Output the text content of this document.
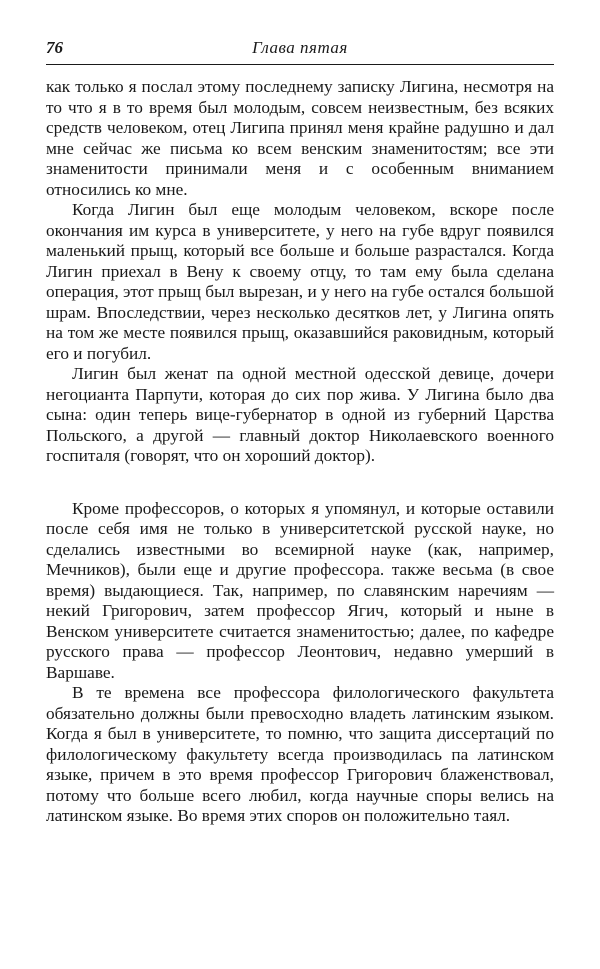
76	Глава пятая

как только я послал этому последнему записку Лигина, несмотря на то что я в то время был молодым, совсем неизвестным, без всяких средств человеком, отец Лигипа принял меня крайне радушно и дал мне сейчас же письма ко всем венским знаменитостям; все эти знаменитости принимали меня и с особенным вниманием относились ко мне.

Когда Лигин был еще молодым человеком, вскоре после окончания им курса в университете, у него на губе вдруг появился маленький прыщ, который все больше и больше разрастался. Когда Лигин приехал в Вену к своему отцу, то там ему была сделана операция, этот прыщ был вырезан, и у него на губе остался большой шрам. Впоследствии, через несколько десятков лет, у Лигина опять на том же месте появился прыщ, оказавшийся раковидным, который его и погубил.

Лигин был женат па одной местной одесской девице, дочери негоцианта Парпути, которая до сих пор жива. У Лигина было два сына: один теперь вице-губернатор в одной из губерний Царства Польского, а другой — главный доктор Николаевского военного госпиталя (говорят, что он хороший доктор).

Кроме профессоров, о которых я упомянул, и которые оставили после себя имя не только в университетской русской науке, но сделались известными во всемирной науке (как, например, Мечников), были еще и другие профессора. также весьма (в свое время) выдающиеся. Так, например, по славянским наречиям — некий Григорович, затем профессор Ягич, который и ныне в Венском университете считается знаменитостью; далее, по кафедре русского права — профессор Леонтович, недавно умерший в Варшаве.

В те времена все профессора филологического факультета обязательно должны были превосходно владеть латинским языком. Когда я был в университете, то помню, что защита диссертаций по филологическому факультету всегда производилась па латинском языке, причем в это время профессор Григорович блаженствовал, потому что больше всего любил, когда научные споры велись на латинском языке. Во время этих споров он положительно таял.
